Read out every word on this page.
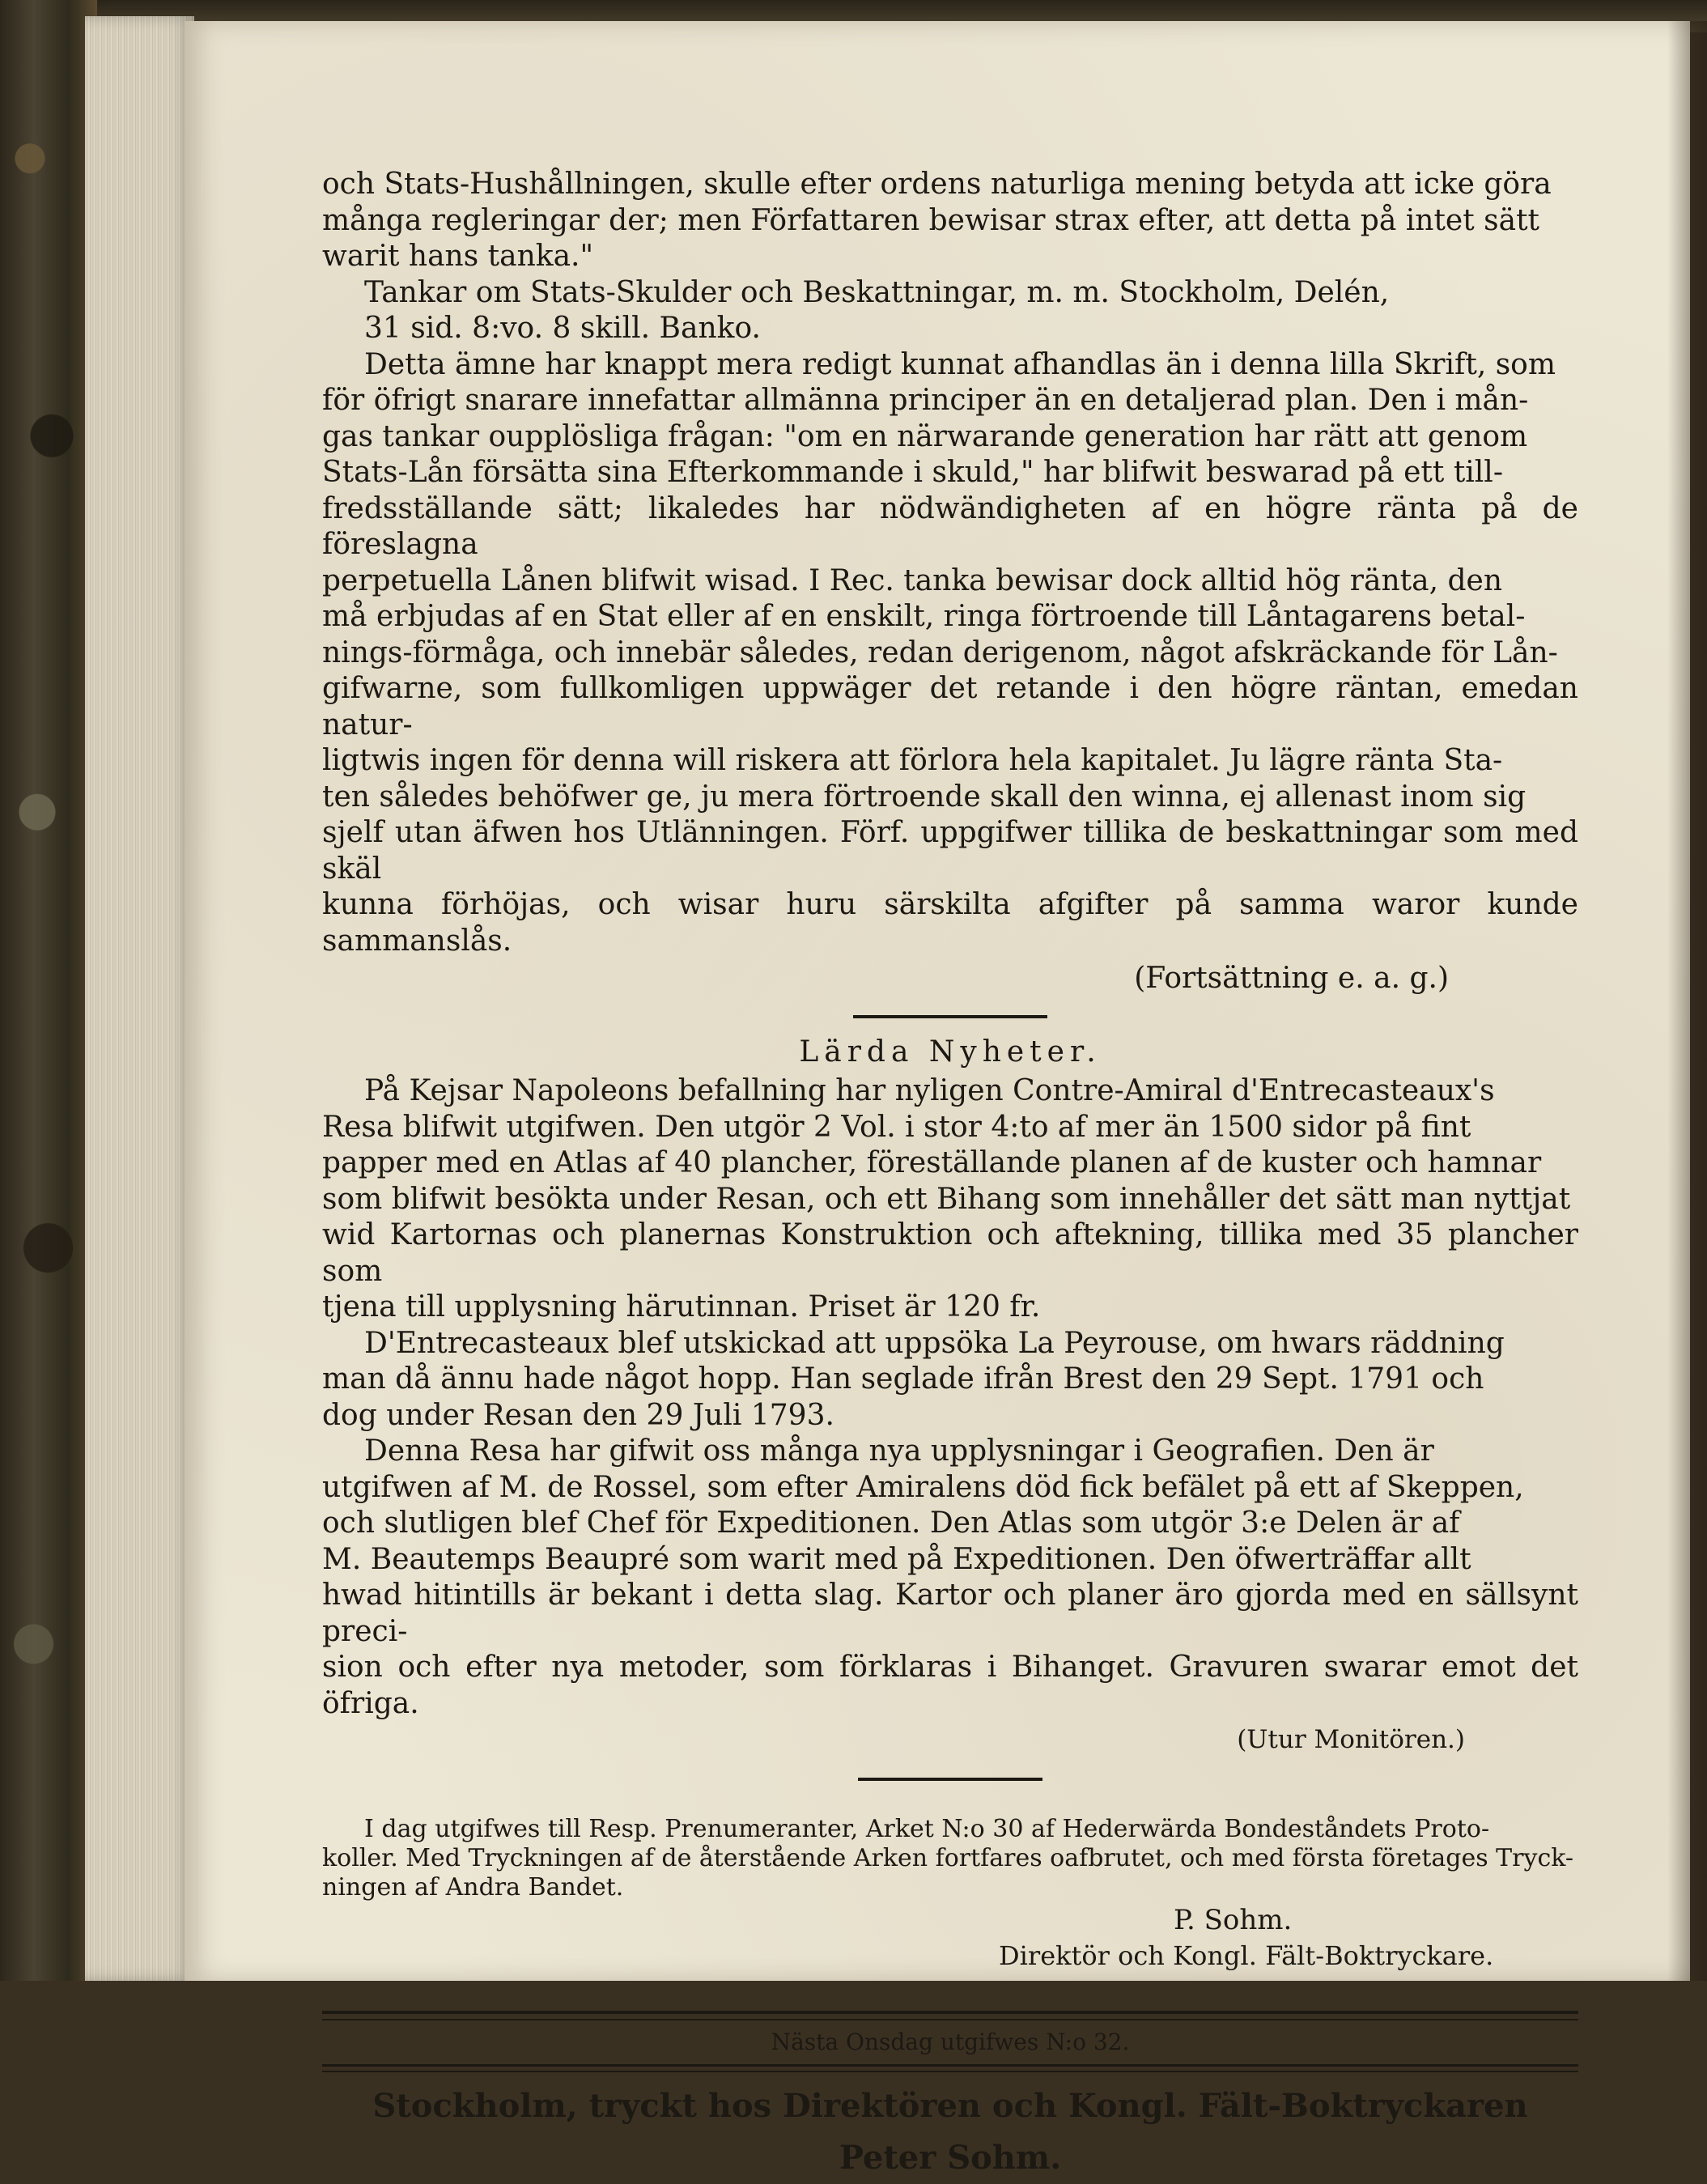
och Stats-Hushållningen, skulle efter ordens naturliga mening betyda att icke göra

många regleringar der; men Författaren bewisar strax efter, att detta på intet sätt

warit hans tanka."

Tankar om Stats-Skulder och Beskattningar, m. m. Stockholm, Delén,

31 sid. 8:vo. 8 skill. Banko.

Detta ämne har knappt mera redigt kunnat afhandlas än i denna lilla Skrift, som

för öfrigt snarare innefattar allmänna principer än en detaljerad plan. Den i mån-

gas tankar oupplösliga frågan: "om en närwarande generation har rätt att genom

Stats-Lån försätta sina Efterkommande i skuld," har blifwit beswarad på ett till-

fredsställande sätt; likaledes har nödwändigheten af en högre ränta på de föreslagna

perpetuella Lånen blifwit wisad. I Rec. tanka bewisar dock alltid hög ränta, den

må erbjudas af en Stat eller af en enskilt, ringa förtroende till Låntagarens betal-

nings-förmåga, och innebär således, redan derigenom, något afskräckande för Lån-

gifwarne, som fullkomligen uppwäger det retande i den högre räntan, emedan natur-

ligtwis ingen för denna will riskera att förlora hela kapitalet. Ju lägre ränta Sta-

ten således behöfwer ge, ju mera förtroende skall den winna, ej allenast inom sig

sjelf utan äfwen hos Utlänningen. Förf. uppgifwer tillika de beskattningar som med skäl

kunna förhöjas, och wisar huru särskilta afgifter på samma waror kunde sammanslås.

(Fortsättning e. a. g.)

Lärda Nyheter.

På Kejsar Napoleons befallning har nyligen Contre-Amiral d'Entrecasteaux's

Resa blifwit utgifwen. Den utgör 2 Vol. i stor 4:to af mer än 1500 sidor på fint

papper med en Atlas af 40 plancher, föreställande planen af de kuster och hamnar

som blifwit besökta under Resan, och ett Bihang som innehåller det sätt man nyttjat

wid Kartornas och planernas Konstruktion och aftekning, tillika med 35 plancher som

tjena till upplysning härutinnan. Priset är 120 fr.

D'Entrecasteaux blef utskickad att uppsöka La Peyrouse, om hwars räddning

man då ännu hade något hopp. Han seglade ifrån Brest den 29 Sept. 1791 och

dog under Resan den 29 Juli 1793.

Denna Resa har gifwit oss många nya upplysningar i Geografien. Den är

utgifwen af M. de Rossel, som efter Amiralens död fick befälet på ett af Skeppen,

och slutligen blef Chef för Expeditionen. Den Atlas som utgör 3:e Delen är af

M. Beautemps Beaupré som warit med på Expeditionen. Den öfwerträffar allt

hwad hitintills är bekant i detta slag. Kartor och planer äro gjorda med en sällsynt preci-

sion och efter nya metoder, som förklaras i Bihanget. Gravuren swarar emot det öfriga.

(Utur Monitören.)

I dag utgifwes till Resp. Prenumeranter, Arket N:o 30 af Hederwärda Bondeståndets Proto-

koller. Med Tryckningen af de återstående Arken fortfares oafbrutet, och med första företages Tryck-

ningen af Andra Bandet.

P. Sohm.

Direktör och Kongl. Fält-Boktryckare.

Nästa Onsdag utgifwes N:o 32.

Stockholm, tryckt hos Direktören och Kongl. Fält-Boktryckaren Peter Sohm.
